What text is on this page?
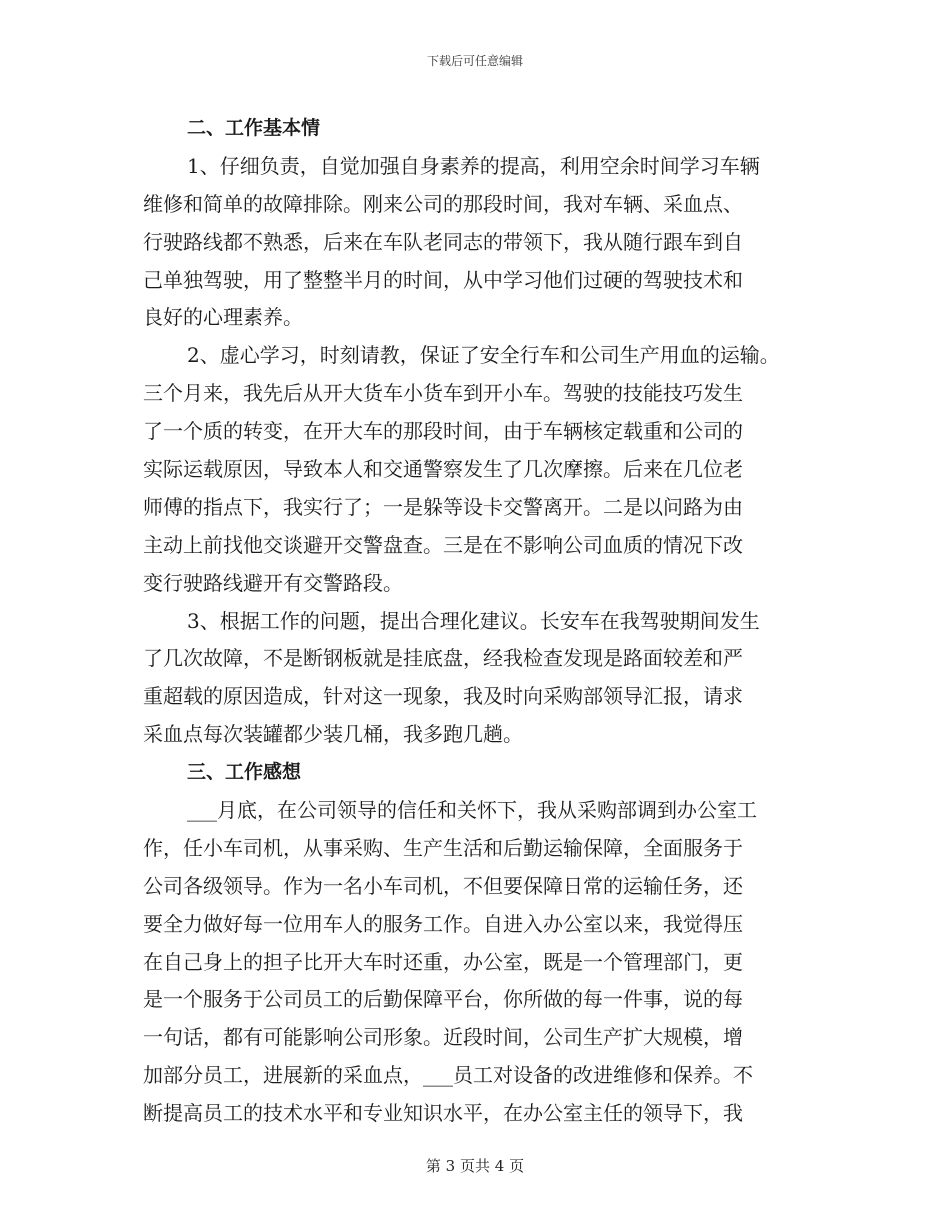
下载后可任意编辑
二、工作基本情
1、仔细负责，自觉加强自身素养的提高，利用空余时间学习车辆
维修和简单的故障排除。刚来公司的那段时间，我对车辆、采血点、
行驶路线都不熟悉，后来在车队老同志的带领下，我从随行跟车到自
己单独驾驶，用了整整半月的时间，从中学习他们过硬的驾驶技术和
良好的心理素养。
2、虚心学习，时刻请教，保证了安全行车和公司生产用血的运输。
三个月来，我先后从开大货车小货车到开小车。驾驶的技能技巧发生
了一个质的转变，在开大车的那段时间，由于车辆核定载重和公司的
实际运载原因，导致本人和交通警察发生了几次摩擦。后来在几位老
师傅的指点下，我实行了；一是躲等设卡交警离开。二是以问路为由
主动上前找他交谈避开交警盘查。三是在不影响公司血质的情况下改
变行驶路线避开有交警路段。
3、根据工作的问题，提出合理化建议。长安车在我驾驶期间发生
了几次故障，不是断钢板就是挂底盘，经我检查发现是路面较差和严
重超载的原因造成，针对这一现象，我及时向采购部领导汇报，请求
采血点每次装罐都少装几桶，我多跑几趟。
三、工作感想
___月底，在公司领导的信任和关怀下，我从采购部调到办公室工
作，任小车司机，从事采购、生产生活和后勤运输保障，全面服务于
公司各级领导。作为一名小车司机，不但要保障日常的运输任务，还
要全力做好每一位用车人的服务工作。自进入办公室以来，我觉得压
在自己身上的担子比开大车时还重，办公室，既是一个管理部门，更
是一个服务于公司员工的后勤保障平台，你所做的每一件事，说的每
一句话，都有可能影响公司形象。近段时间，公司生产扩大规模，增
加部分员工，进展新的采血点，___员工对设备的改进维修和保养。不
断提高员工的技术水平和专业知识水平，在办公室主任的领导下，我
第 3 页共 4 页
